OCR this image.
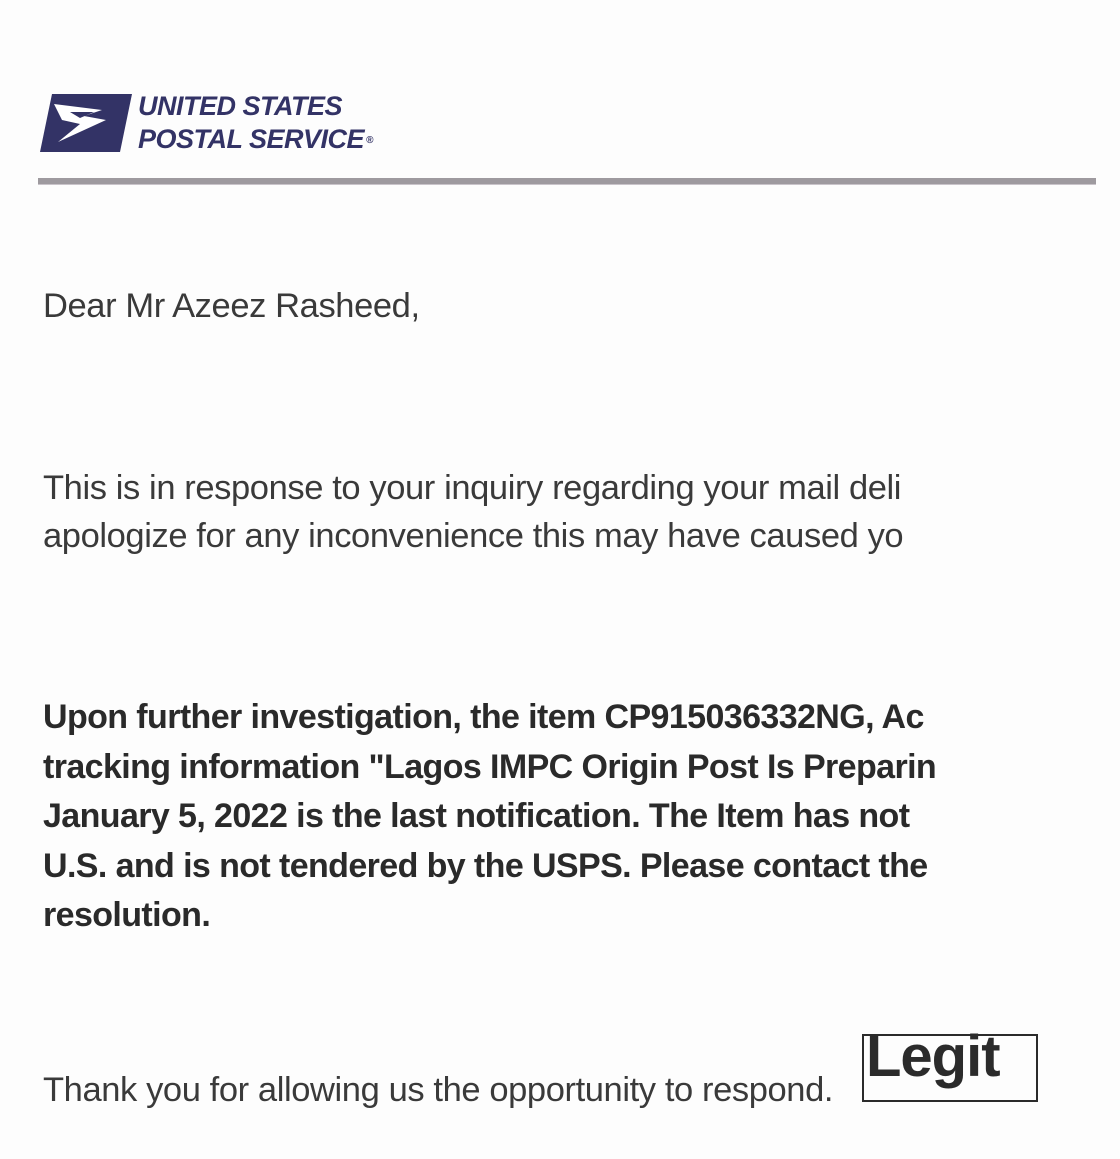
UNITED STATES
POSTAL SERVICE ®
Dear Mr Azeez Rasheed,
This is in response to your inquiry regarding your mail deli
apologize for any inconvenience this may have caused yo
Upon further investigation, the item CP915036332NG, Ac
tracking information "Lagos IMPC Origin Post Is Preparin
January 5, 2022 is the last notification. The Item has not
U.S. and is not tendered by the USPS. Please contact the
resolution.
Thank you for allowing us the opportunity to respond.
Legit
